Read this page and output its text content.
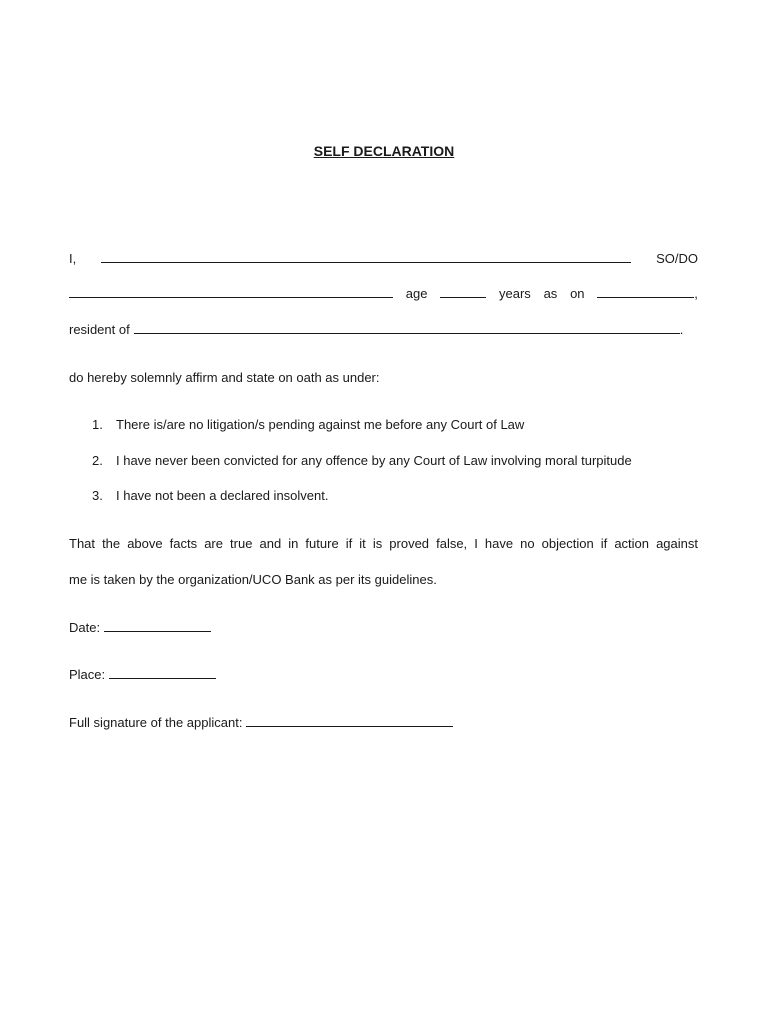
SELF DECLARATION
I,	SO/DO
age	years as on	,
resident of	.
do hereby solemnly affirm and state on oath as under:
1. There is/are no litigation/s pending against me before any Court of Law
2. I have never been convicted for any offence by any Court of Law involving moral turpitude
3. I have not been a declared insolvent.
That the above facts are true and in future if it is proved false, I have no objection if action against
me is taken by the organization/UCO Bank as per its guidelines.
Date:
Place:
Full signature of the applicant:
